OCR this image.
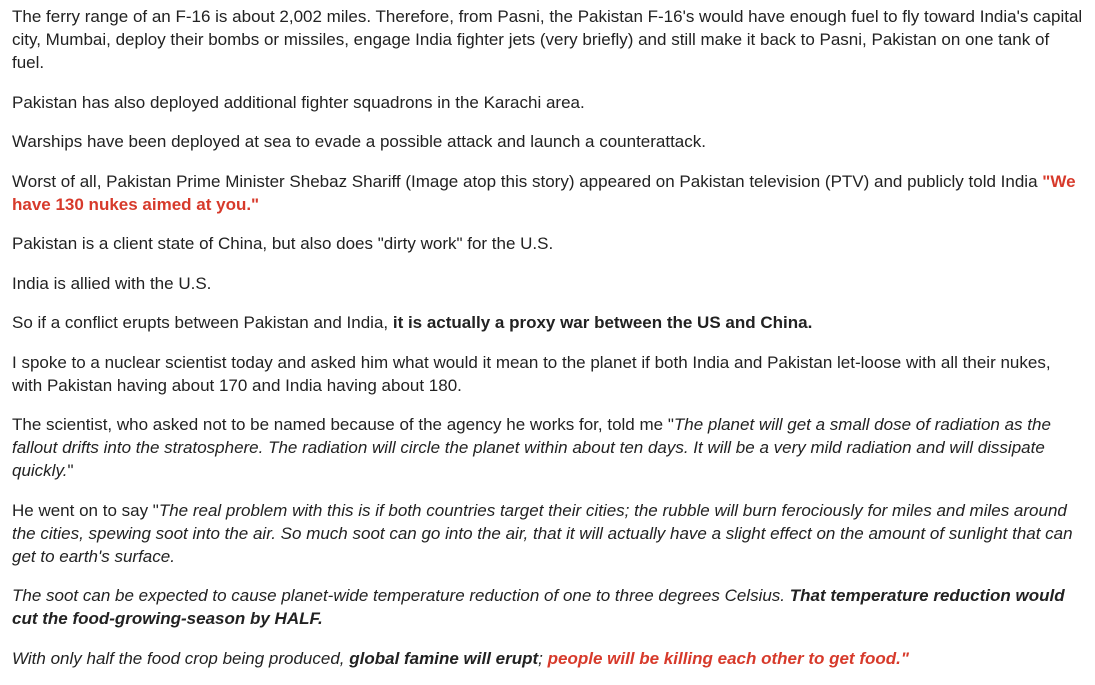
The ferry range of an F-16 is about 2,002 miles. Therefore, from Pasni, the Pakistan F-16's would have enough fuel to fly toward India's capital city, Mumbai, deploy their bombs or missiles, engage India fighter jets (very briefly) and still make it back to Pasni, Pakistan on one tank of fuel.

Pakistan has also deployed additional fighter squadrons in the Karachi area.

Warships have been deployed at sea to evade a possible attack and launch a counterattack.

Worst of all, Pakistan Prime Minister Shebaz Shariff (Image atop this story) appeared on Pakistan television (PTV) and publicly told India "We have 130 nukes aimed at you."

Pakistan is a client state of China, but also does "dirty work" for the U.S.

India is allied with the U.S.

So if a conflict erupts between Pakistan and India, it is actually a proxy war between the US and China.

I spoke to a nuclear scientist today and asked him what would it mean to the planet if both India and Pakistan let-loose with all their nukes, with Pakistan having about 170 and India having about 180.

The scientist, who asked not to be named because of the agency he works for, told me "The planet will get a small dose of radiation as the fallout drifts into the stratosphere. The radiation will circle the planet within about ten days. It will be a very mild radiation and will dissipate quickly."

He went on to say "The real problem with this is if both countries target their cities; the rubble will burn ferociously for miles and miles around the cities, spewing soot into the air. So much soot can go into the air, that it will actually have a slight effect on the amount of sunlight that can get to earth's surface.

The soot can be expected to cause planet-wide temperature reduction of one to three degrees Celsius. That temperature reduction would cut the food-growing-season by HALF.

With only half the food crop being produced, global famine will erupt; people will be killing each other to get food."
